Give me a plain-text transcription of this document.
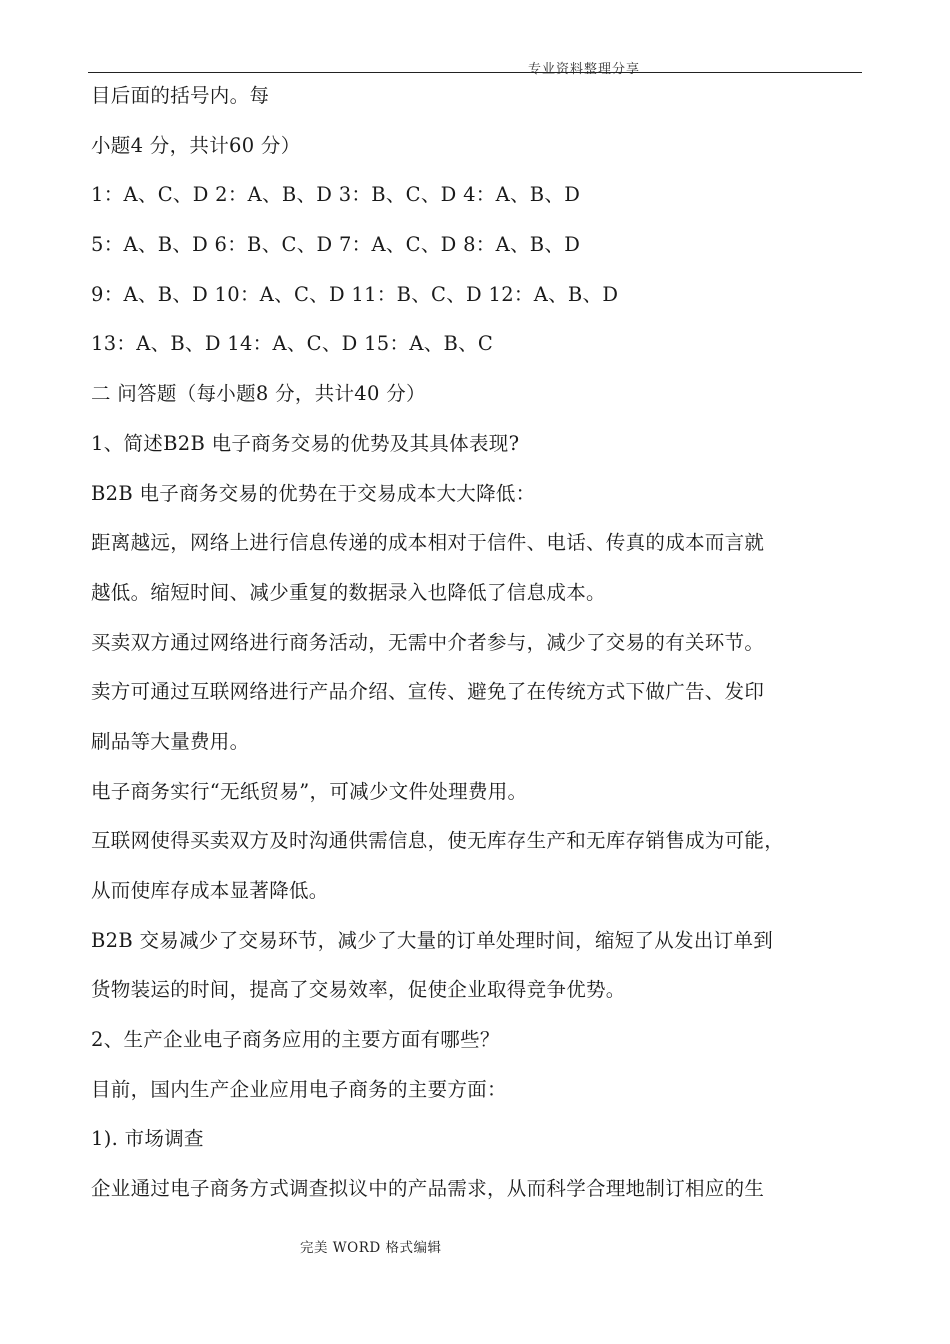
专业资料整理分享
目后面的括号内。每
小题4 分，共计60 分）
1：A、C、D 2：A、B、D 3：B、C、D 4：A、B、D
5：A、B、D 6：B、C、D 7：A、C、D 8：A、B、D
9：A、B、D 10：A、C、D 11：B、C、D 12：A、B、D
13：A、B、D 14：A、C、D 15：A、B、C
二 问答题（每小题8 分，共计40 分）
1、简述B2B 电子商务交易的优势及其具体表现?
B2B 电子商务交易的优势在于交易成本大大降低：
距离越远，网络上进行信息传递的成本相对于信件、电话、传真的成本而言就
越低。缩短时间、减少重复的数据录入也降低了信息成本。
买卖双方通过网络进行商务活动，无需中介者参与，减少了交易的有关环节。
卖方可通过互联网络进行产品介绍、宣传、避免了在传统方式下做广告、发印
刷品等大量费用。
电子商务实行“无纸贸易”，可减少文件处理费用。
互联网使得买卖双方及时沟通供需信息，使无库存生产和无库存销售成为可能，
从而使库存成本显著降低。
B2B 交易减少了交易环节，减少了大量的订单处理时间，缩短了从发出订单到
货物装运的时间，提高了交易效率，促使企业取得竞争优势。
2、生产企业电子商务应用的主要方面有哪些？
目前，国内生产企业应用电子商务的主要方面：
1). 市场调查
企业通过电子商务方式调查拟议中的产品需求，从而科学合理地制订相应的生
完美 WORD 格式编辑
